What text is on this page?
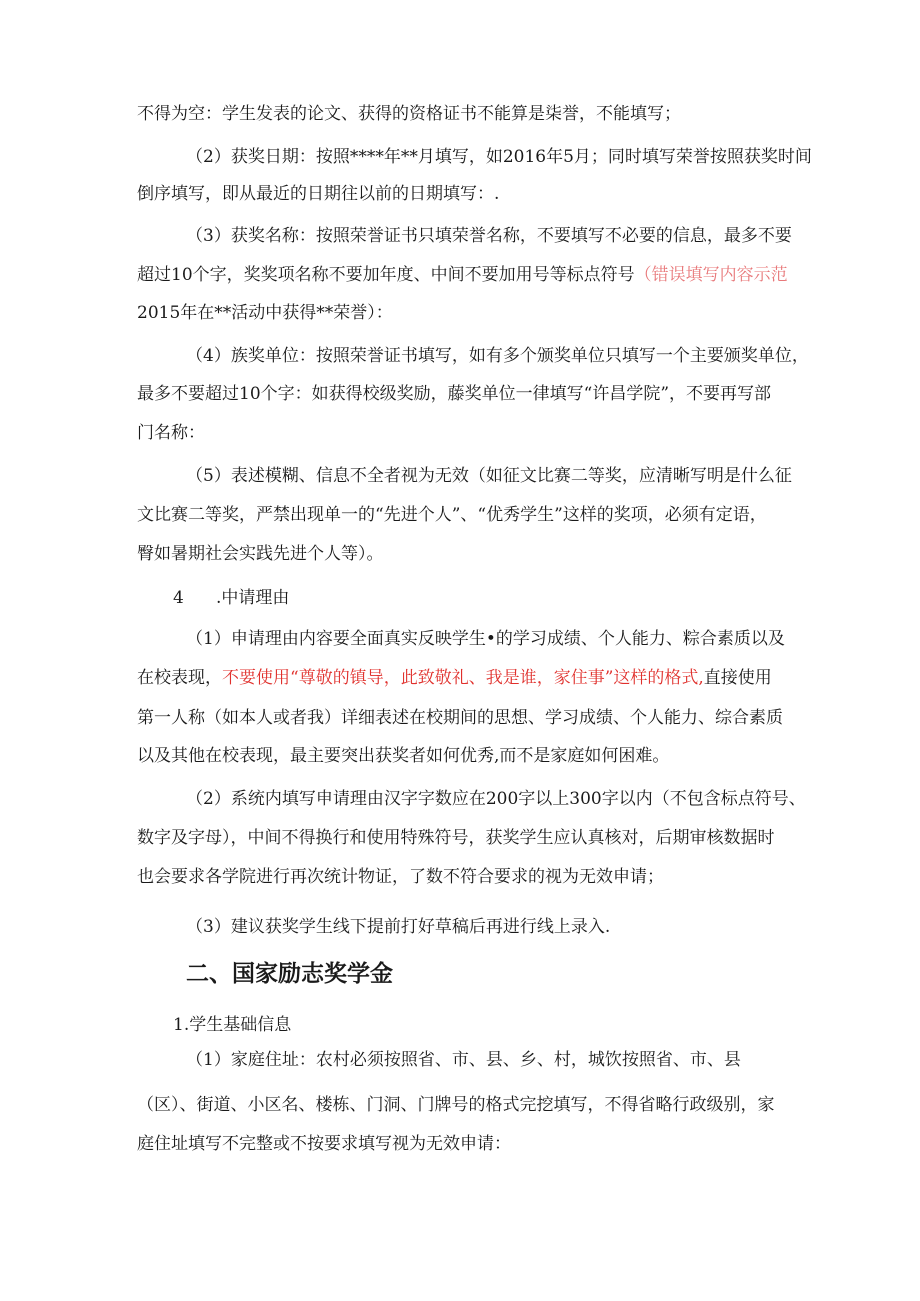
不得为空：学生发表的论文、获得的资格证书不能算是柒誉，不能填写；
（2）获奖日期：按照****年**月填写，如2016年5月；同时填写荣誉按照获奖时间
倒序填写，即从最近的日期往以前的日期填写：.
（3）获奖名称：按照荣誉证书只填荣誉名称，不要填写不必要的信息，最多不要
超过10个字，奖奖项名称不要加年度、中间不要加用号等标点符号（错误填写内容示范
2015年在**活动中获得**荣誉）：
（4）族奖单位：按照荣誉证书填写，如有多个颁奖单位只填写一个主要颁奖单位，
最多不要超过10个字：如获得校级奖励，藤奖单位一律填写“许昌学院”，不要再写部
门名称：
（5）表述模糊、信息不全者视为无效（如征文比赛二等奖，应清晰写明是什么征
文比赛二等奖，严禁出现单一的“先进个人”、“优秀学生”这样的奖项，必须有定语，
臀如暑期社会实践先进个人等）。
4 .中请理由
（1）申请理由内容要全面真实反映学生•的学习成绩、个人能力、粽合素质以及
在校表现，不要使用“尊敬的镇导，此致敬礼、我是谁，家住事”这样的格式,直接使用
第一人称（如本人或者我）详细表述在校期间的思想、学习成绩、个人能力、综合素质
以及其他在校表现，最主要突出获奖者如何优秀,而不是家庭如何困难。
（2）系统内填写申请理由汉字字数应在200字以上300字以内（不包含标点符号、
数字及字母），中间不得换行和使用特殊符号，获奖学生应认真核对，后期审核数据时
也会要求各学院进行再次统计物证，了数不符合要求的视为无效申请；
（3）建议获奖学生线下提前打好草稿后再进行线上录入.
二、国家励志奖学金
1.学生基础信息
（1）家庭住址：农村必须按照省、市、县、乡、村，城饮按照省、市、县
（区）、街道、小区名、楼栋、门洞、门牌号的格式完挖填写，不得省略行政级别，家
庭住址填写不完整或不按要求填写视为无效申请：
